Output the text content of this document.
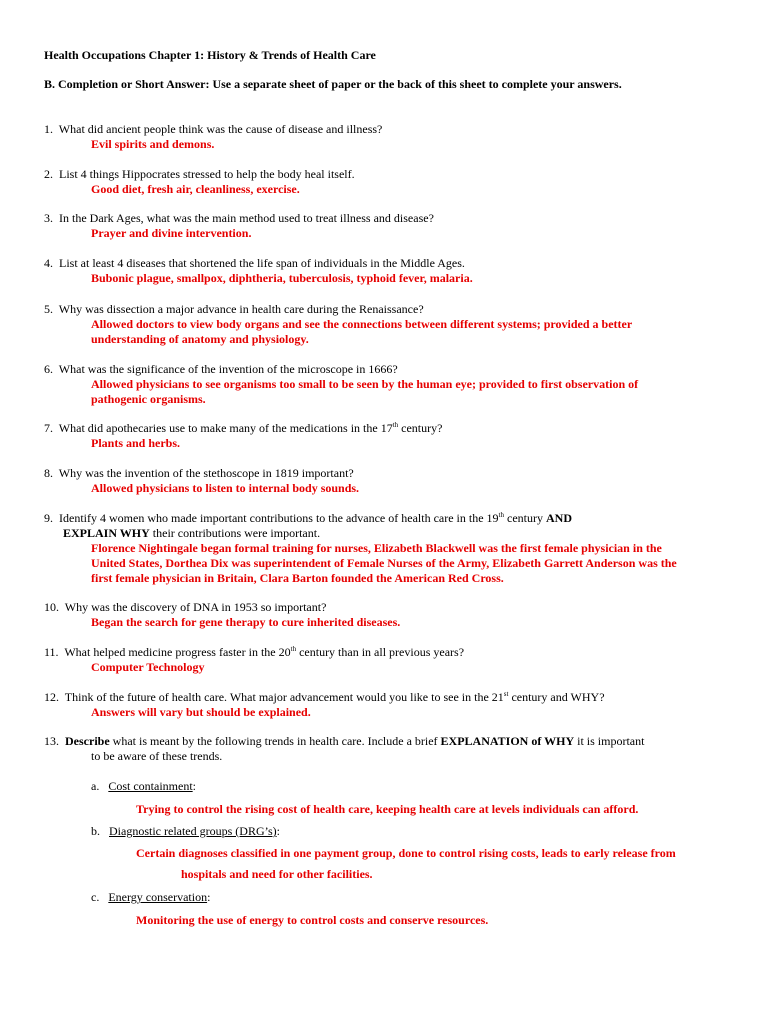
Health Occupations Chapter 1: History & Trends of Health Care
B. Completion or Short Answer: Use a separate sheet of paper or the back of this sheet to complete your answers.
1. What did ancient people think was the cause of disease and illness?
Evil spirits and demons.
2. List 4 things Hippocrates stressed to help the body heal itself.
Good diet, fresh air, cleanliness, exercise.
3. In the Dark Ages, what was the main method used to treat illness and disease?
Prayer and divine intervention.
4. List at least 4 diseases that shortened the life span of individuals in the Middle Ages.
Bubonic plague, smallpox, diphtheria, tuberculosis, typhoid fever, malaria.
5. Why was dissection a major advance in health care during the Renaissance?
Allowed doctors to view body organs and see the connections between different systems; provided a better
understanding of anatomy and physiology.
6. What was the significance of the invention of the microscope in 1666?
Allowed physicians to see organisms too small to be seen by the human eye; provided to first observation of
pathogenic organisms.
7. What did apothecaries use to make many of the medications in the 17th century?
Plants and herbs.
8. Why was the invention of the stethoscope in 1819 important?
Allowed physicians to listen to internal body sounds.
9. Identify 4 women who made important contributions to the advance of health care in the 19th century AND
EXPLAIN WHY their contributions were important.
Florence Nightingale began formal training for nurses, Elizabeth Blackwell was the first female physician in the
United States, Dorthea Dix was superintendent of Female Nurses of the Army, Elizabeth Garrett Anderson was the
first female physician in Britain, Clara Barton founded the American Red Cross.
10. Why was the discovery of DNA in 1953 so important?
Began the search for gene therapy to cure inherited diseases.
11. What helped medicine progress faster in the 20th century than in all previous years?
Computer Technology
12. Think of the future of health care. What major advancement would you like to see in the 21st century and WHY?
Answers will vary but should be explained.
13. Describe what is meant by the following trends in health care. Include a brief EXPLANATION of WHY it is important
to be aware of these trends.
a. Cost containment:
Trying to control the rising cost of health care, keeping health care at levels individuals can afford.
b. Diagnostic related groups (DRG’s):
Certain diagnoses classified in one payment group, done to control rising costs, leads to early release from
hospitals and need for other facilities.
c. Energy conservation:
Monitoring the use of energy to control costs and conserve resources.
